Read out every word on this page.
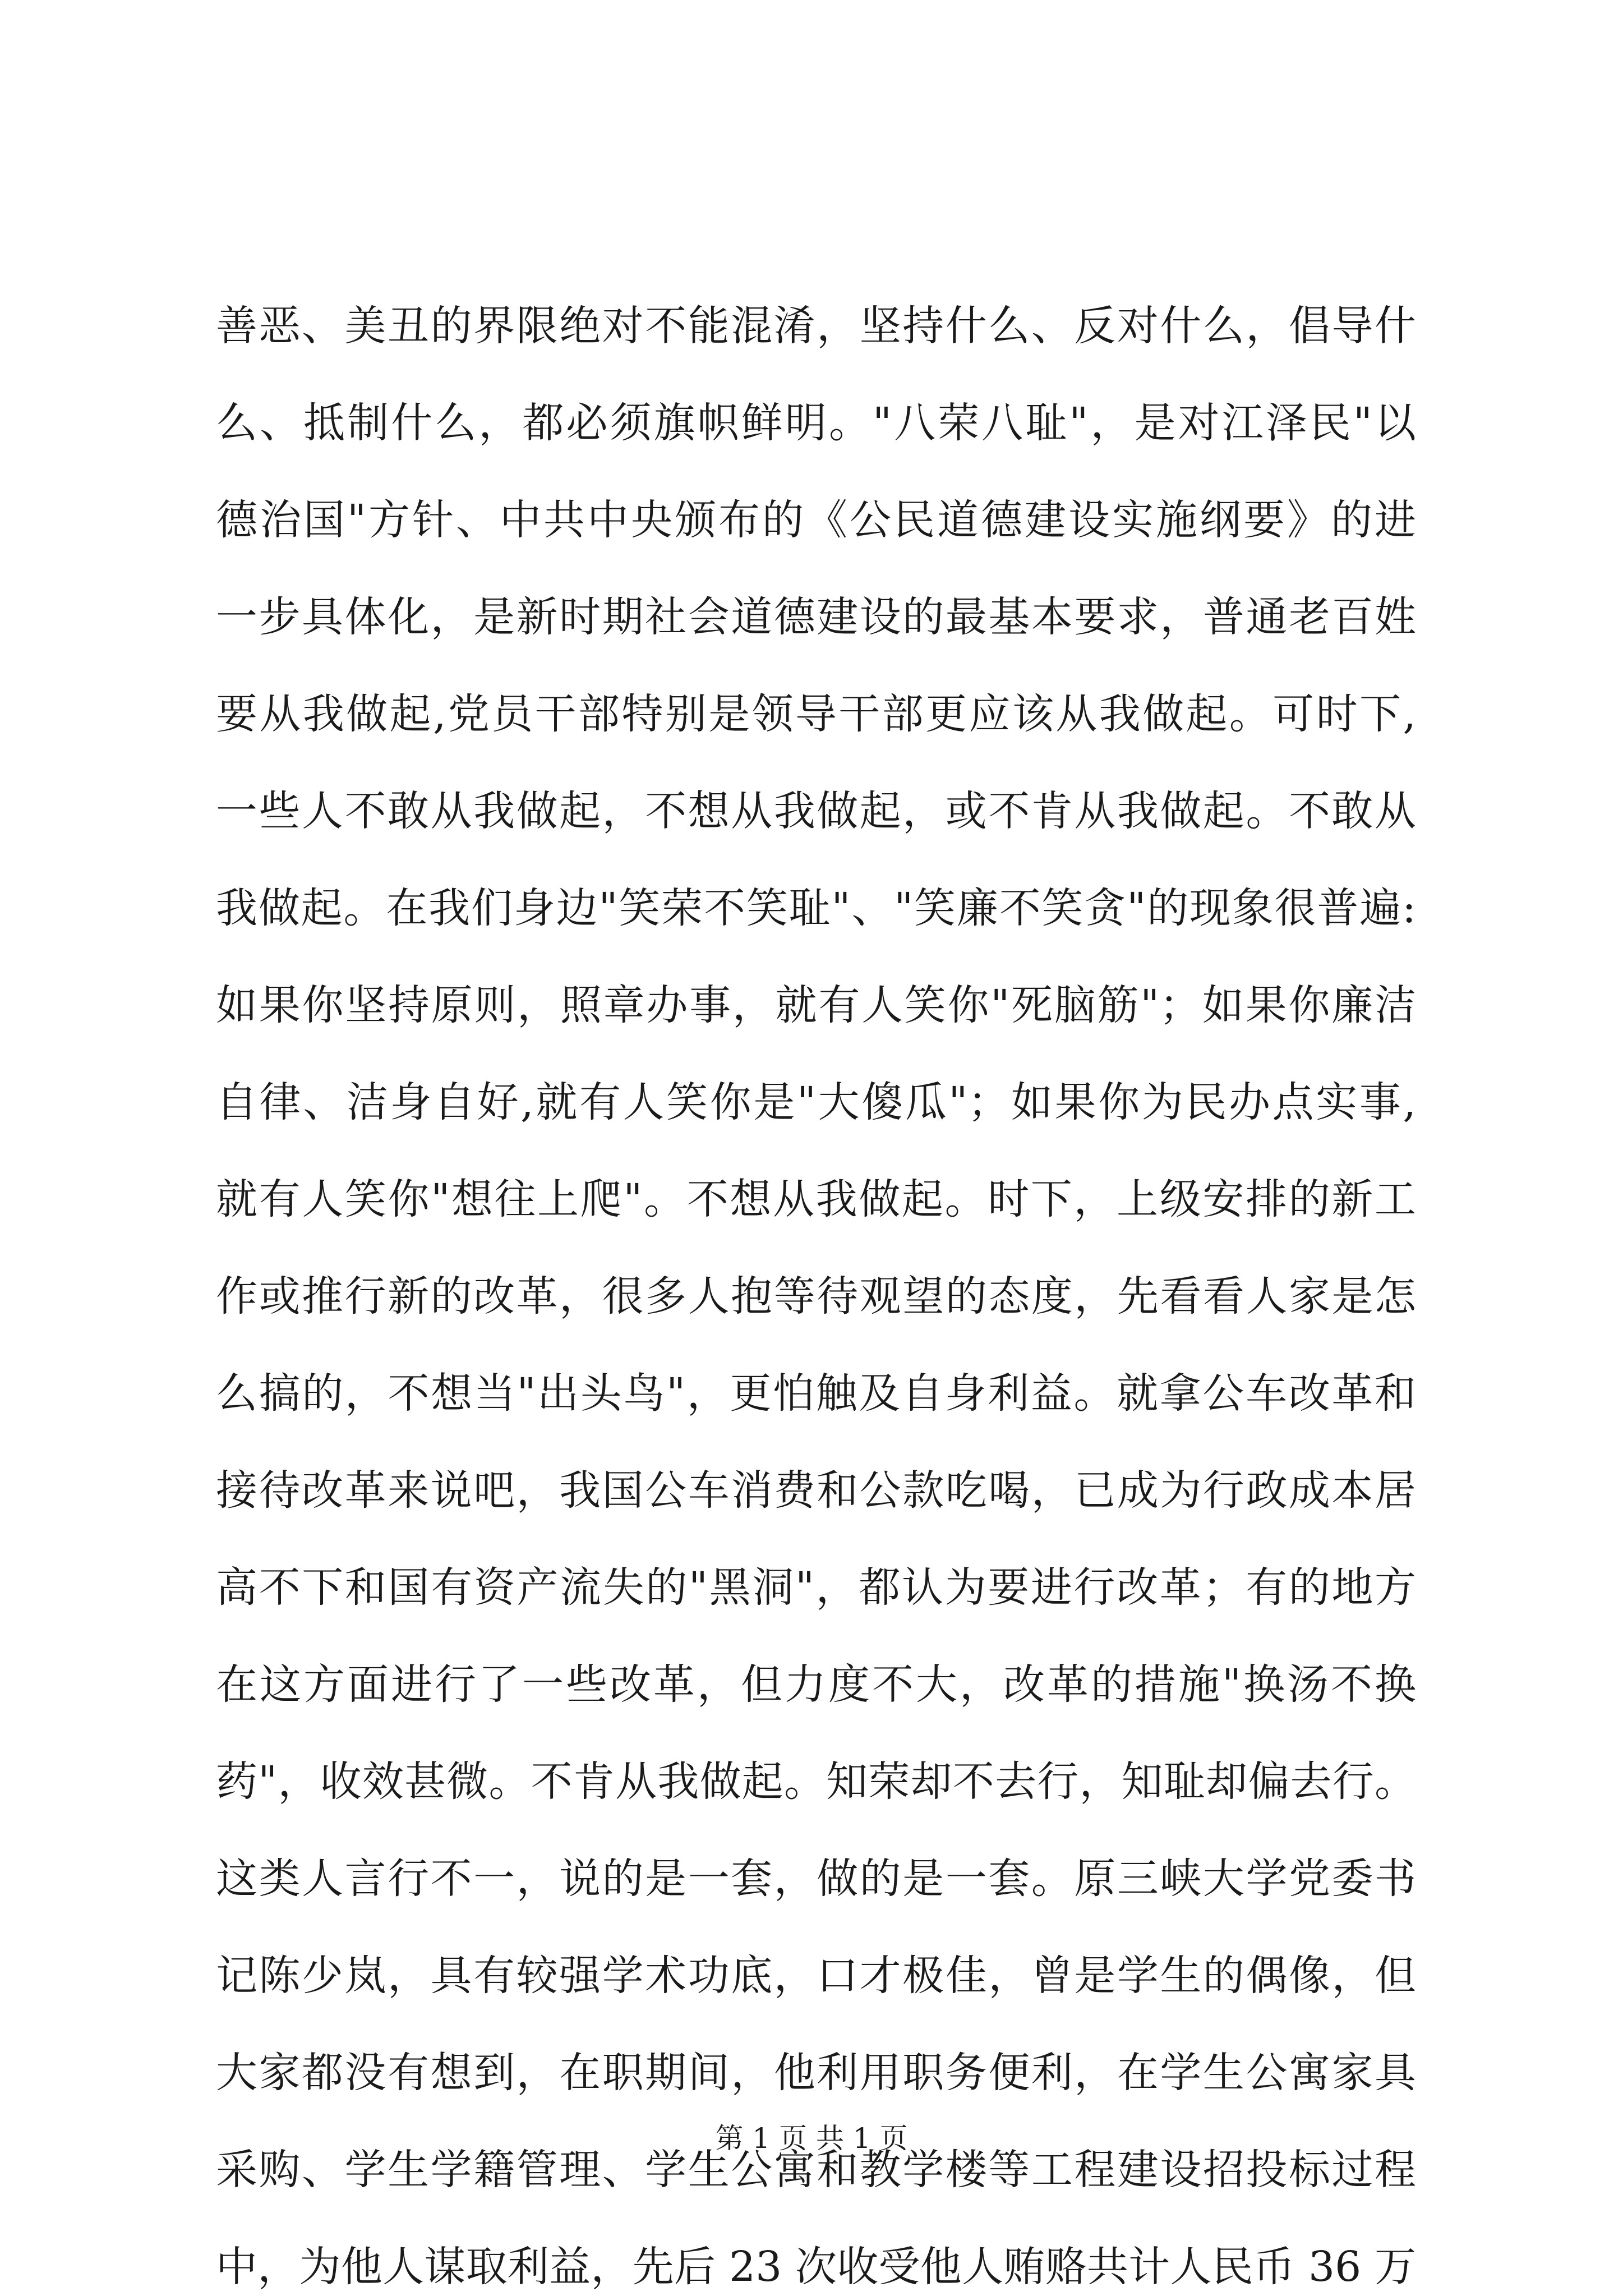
善恶、美丑的界限绝对不能混淆，坚持什么、反对什么，倡导什
么、抵制什么，都必须旗帜鲜明。"八荣八耻"，是对江泽民"以
德治国"方针、中共中央颁布的《公民道德建设实施纲要》的进
一步具体化，是新时期社会道德建设的最基本要求，普通老百姓
要从我做起,党员干部特别是领导干部更应该从我做起。可时下,
一些人不敢从我做起，不想从我做起，或不肯从我做起。不敢从
我做起。在我们身边"笑荣不笑耻"、"笑廉不笑贪"的现象很普遍:
如果你坚持原则，照章办事，就有人笑你"死脑筋"；如果你廉洁
自律、洁身自好,就有人笑你是"大傻瓜"；如果你为民办点实事,
就有人笑你"想往上爬"。不想从我做起。时下，上级安排的新工
作或推行新的改革，很多人抱等待观望的态度，先看看人家是怎
么搞的，不想当"出头鸟"，更怕触及自身利益。就拿公车改革和
接待改革来说吧，我国公车消费和公款吃喝，已成为行政成本居
高不下和国有资产流失的"黑洞"，都认为要进行改革；有的地方
在这方面进行了一些改革，但力度不大，改革的措施"换汤不换
药"，收效甚微。不肯从我做起。知荣却不去行，知耻却偏去行。
这类人言行不一，说的是一套，做的是一套。原三峡大学党委书
记陈少岚，具有较强学术功底，口才极佳，曾是学生的偶像，但
大家都没有想到，在职期间，他利用职务便利，在学生公寓家具
采购、学生学籍管理、学生公寓和教学楼等工程建设招投标过程
中，为他人谋取利益，先后 23 次收受他人贿赂共计人民币 36 万
第 1 页 共 1 页
